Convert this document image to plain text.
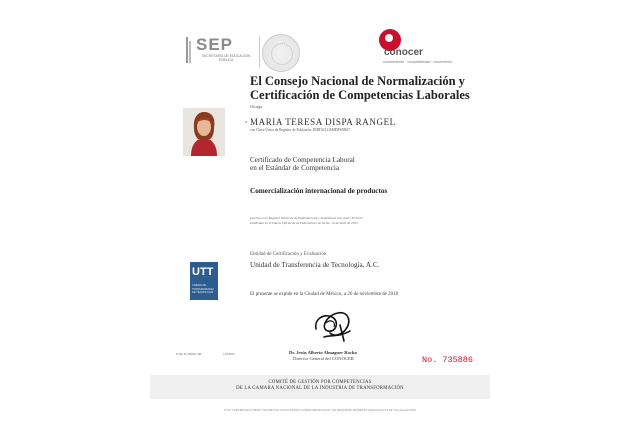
SEP
SECRETARÍA DE EDUCACIÓN PÚBLICA
conocer
conocimiento · competitividad · crecimiento
El Consejo Nacional de Normalización y
Certificación de Competencias Laborales
Otorga
a· MARIA TERESA DISPA RANGEL
con Clave Única de Registro de Población: DIRT621216MDFSNR07
Certificado de Competencia Laboral
en el Estándar de Competencia
Comercialización internacional de productos
Inscrito en el Registro Nacional de Estándares de Competencia con clave: EC0217
Publicado en el Diario Oficial de la Federación con fecha: 13 de abril de 2015
Entidad de Certificación y Evaluación
Unidad de Transferencia de Tecnología, A.C.
UTT
UNIDAD DE TRANSFERENCIA DE TECNOLOGÍA	El presente se expide en la Ciudad de México, a 26 de noviembre de 2018
Dr. Jesús Alberto Almaguer Rocha
Director General del CONOCER
Folio D-NNKCTR	1235925
No. 735886
COMITÉ DE GESTIÓN POR COMPETENCIAS
DE LA CAMARA NACIONAL DE LA INDUSTRIA DE TRANSFORMACIÓN
ESTE CERTIFICADO TIENE VALIDEZ EN LOS ESTADOS UNIDOS MEXICANOS, NO REQUIERE TRÁMITES ADICIONALES DE LEGALIZACIÓN
